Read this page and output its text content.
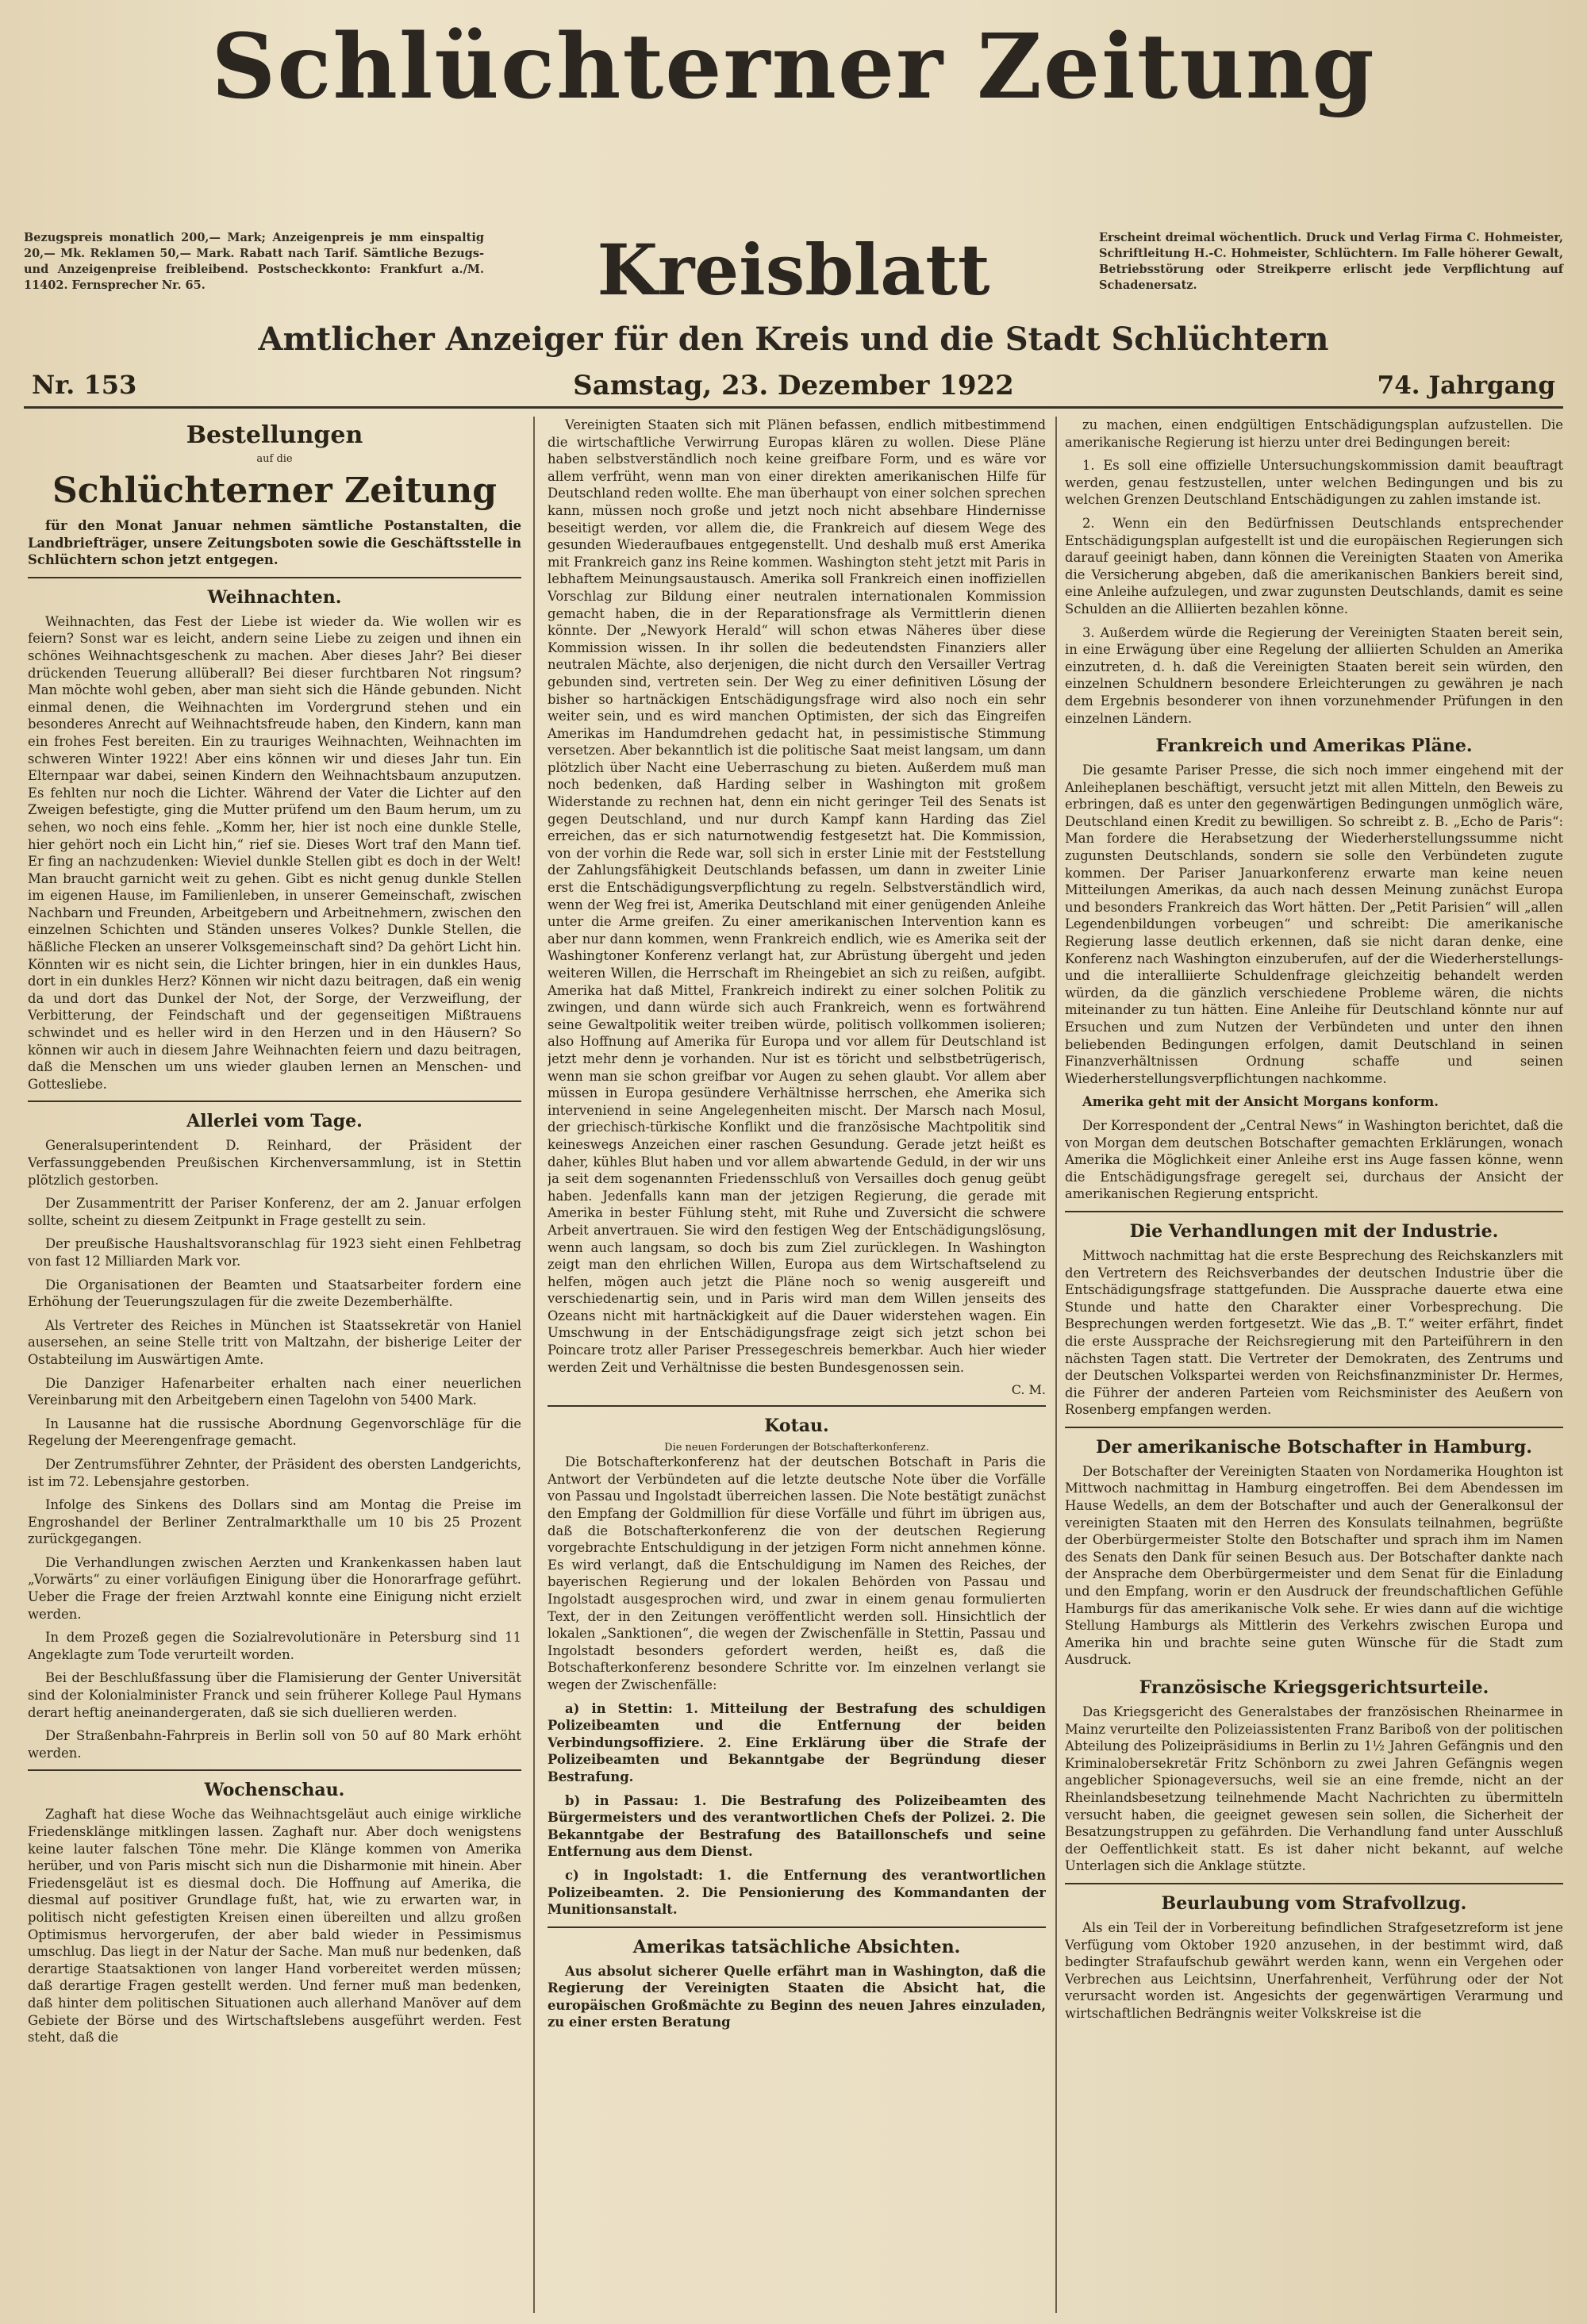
Schlüchterner Zeitung
Bezugspreis monatlich 200,— Mark; Anzeigenpreis je mm einspaltig 20,— Mk. Reklamen 50,— Mark. Rabatt nach Tarif. Sämtliche Bezugs- und Anzeigenpreise freibleibend. Postscheckkonto: Frankfurt a./M. 11402. Fernsprecher Nr. 65.	Kreisblatt	Erscheint dreimal wöchentlich. Druck und Verlag Firma C. Hohmeister, Schriftleitung H.-C. Hohmeister, Schlüchtern. Im Falle höherer Gewalt, Betriebsstörung oder Streikperre erlischt jede Verpflichtung auf Schadenersatz.
Amtlicher Anzeiger für den Kreis und die Stadt Schlüchtern
Nr. 153	Samstag, 23. Dezember 1922	74. Jahrgang
Bestellungen
auf die
Schlüchterner Zeitung

für den Monat Januar nehmen sämtliche Postanstalten, die Landbriefträger, unsere Zeitungsboten sowie die Geschäftsstelle in Schlüchtern schon jetzt entgegen.

Weihnachten.

Weihnachten, das Fest der Liebe ist wieder da. Wie wollen wir es feiern? Sonst war es leicht, andern seine Liebe zu zeigen und ihnen ein schönes Weihnachtsgeschenk zu machen. Aber dieses Jahr? Bei dieser drückenden Teuerung allüberall? Bei dieser furchtbaren Not ringsum? Man möchte wohl geben, aber man sieht sich die Hände gebunden. Nicht einmal denen, die Weihnachten im Vordergrund stehen und ein besonderes Anrecht auf Weihnachtsfreude haben, den Kindern, kann man ein frohes Fest bereiten. Ein zu trauriges Weihnachten, Weihnachten im schweren Winter 1922! Aber eins können wir und dieses Jahr tun. Ein Elternpaar war dabei, seinen Kindern den Weihnachtsbaum anzuputzen. Es fehlten nur noch die Lichter. Während der Vater die Lichter auf den Zweigen befestigte, ging die Mutter prüfend um den Baum herum, um zu sehen, wo noch eins fehle. „Komm her, hier ist noch eine dunkle Stelle, hier gehört noch ein Licht hin,“ rief sie. Dieses Wort traf den Mann tief. Er fing an nachzudenken: Wieviel dunkle Stellen gibt es doch in der Welt! Man braucht garnicht weit zu gehen. Gibt es nicht genug dunkle Stellen im eigenen Hause, im Familienleben, in unserer Gemeinschaft, zwischen Nachbarn und Freunden, Arbeitgebern und Arbeitnehmern, zwischen den einzelnen Schichten und Ständen unseres Volkes? Dunkle Stellen, die häßliche Flecken an unserer Volksgemeinschaft sind? Da gehört Licht hin. Könnten wir es nicht sein, die Lichter bringen, hier in ein dunkles Haus, dort in ein dunkles Herz? Können wir nicht dazu beitragen, daß ein wenig da und dort das Dunkel der Not, der Sorge, der Verzweiflung, der Verbitterung, der Feindschaft und der gegenseitigen Mißtrauens schwindet und es heller wird in den Herzen und in den Häusern? So können wir auch in diesem Jahre Weihnachten feiern und dazu beitragen, daß die Menschen um uns wieder glauben lernen an Menschen- und Gottesliebe.

Allerlei vom Tage.

Generalsuperintendent D. Reinhard, der Präsident der Verfassunggebenden Preußischen Kirchenversammlung, ist in Stettin plötzlich gestorben.

Der Zusammentritt der Pariser Konferenz, der am 2. Januar erfolgen sollte, scheint zu diesem Zeitpunkt in Frage gestellt zu sein.

Der preußische Haushaltsvoranschlag für 1923 sieht einen Fehlbetrag von fast 12 Milliarden Mark vor.

Die Organisationen der Beamten und Staatsarbeiter fordern eine Erhöhung der Teuerungszulagen für die zweite Dezemberhälfte.

Als Vertreter des Reiches in München ist Staatssekretär von Haniel ausersehen, an seine Stelle tritt von Maltzahn, der bisherige Leiter der Ostabteilung im Auswärtigen Amte.

Die Danziger Hafenarbeiter erhalten nach einer neuerlichen Vereinbarung mit den Arbeitgebern einen Tagelohn von 5400 Mark.

In Lausanne hat die russische Abordnung Gegenvorschläge für die Regelung der Meerengenfrage gemacht.

Der Zentrumsführer Zehnter, der Präsident des obersten Landgerichts, ist im 72. Lebensjahre gestorben.

Infolge des Sinkens des Dollars sind am Montag die Preise im Engroshandel der Berliner Zentralmarkthalle um 10 bis 25 Prozent zurückgegangen.

Die Verhandlungen zwischen Aerzten und Krankenkassen haben laut „Vorwärts“ zu einer vorläufigen Einigung über die Honorarfrage geführt. Ueber die Frage der freien Arztwahl konnte eine Einigung nicht erzielt werden.

In dem Prozeß gegen die Sozialrevolutionäre in Petersburg sind 11 Angeklagte zum Tode verurteilt worden.

Bei der Beschlußfassung über die Flamisierung der Genter Universität sind der Kolonialminister Franck und sein früherer Kollege Paul Hymans derart heftig aneinandergeraten, daß sie sich duellieren werden.

Der Straßenbahn-Fahrpreis in Berlin soll von 50 auf 80 Mark erhöht werden.

Wochenschau.

Zaghaft hat diese Woche das Weihnachtsgeläut auch einige wirkliche Friedensklänge mitklingen lassen. Zaghaft nur. Aber doch wenigstens keine lauter falschen Töne mehr. Die Klänge kommen von Amerika herüber, und von Paris mischt sich nun die Disharmonie mit hinein. Aber Friedensgeläut ist es diesmal doch. Die Hoffnung auf Amerika, die diesmal auf positiver Grundlage fußt, hat, wie zu erwarten war, in politisch nicht gefestigten Kreisen einen übereilten und allzu großen Optimismus hervorgerufen, der aber bald wieder in Pessimismus umschlug. Das liegt in der Natur der Sache. Man muß nur bedenken, daß derartige Staatsaktionen von langer Hand vorbereitet werden müssen; daß derartige Fragen gestellt werden. Und ferner muß man bedenken, daß hinter dem politischen Situationen auch allerhand Manöver auf dem Gebiete der Börse und des Wirtschaftslebens ausgeführt werden. Fest steht, daß die

Vereinigten Staaten sich mit Plänen befassen, endlich mitbestimmend die wirtschaftliche Verwirrung Europas klären zu wollen. Diese Pläne haben selbstverständlich noch keine greifbare Form, und es wäre vor allem verfrüht, wenn man von einer direkten amerikanischen Hilfe für Deutschland reden wollte. Ehe man überhaupt von einer solchen sprechen kann, müssen noch große und jetzt noch nicht absehbare Hindernisse beseitigt werden, vor allem die, die Frankreich auf diesem Wege des gesunden Wiederaufbaues entgegenstellt. Und deshalb muß erst Amerika mit Frankreich ganz ins Reine kommen. Washington steht jetzt mit Paris in lebhaftem Meinungsaustausch. Amerika soll Frankreich einen inoffiziellen Vorschlag zur Bildung einer neutralen internationalen Kommission gemacht haben, die in der Reparationsfrage als Vermittlerin dienen könnte. Der „Newyork Herald“ will schon etwas Näheres über diese Kommission wissen. In ihr sollen die bedeutendsten Finanziers aller neutralen Mächte, also derjenigen, die nicht durch den Versailler Vertrag gebunden sind, vertreten sein. Der Weg zu einer definitiven Lösung der bisher so hartnäckigen Entschädigungsfrage wird also noch ein sehr weiter sein, und es wird manchen Optimisten, der sich das Eingreifen Amerikas im Handumdrehen gedacht hat, in pessimistische Stimmung versetzen. Aber bekanntlich ist die politische Saat meist langsam, um dann plötzlich über Nacht eine Ueberraschung zu bieten. Außerdem muß man noch bedenken, daß Harding selber in Washington mit großem Widerstande zu rechnen hat, denn ein nicht geringer Teil des Senats ist gegen Deutschland, und nur durch Kampf kann Harding das Ziel erreichen, das er sich naturnotwendig festgesetzt hat. Die Kommission, von der vorhin die Rede war, soll sich in erster Linie mit der Feststellung der Zahlungsfähigkeit Deutschlands befassen, um dann in zweiter Linie erst die Entschädigungsverpflichtung zu regeln. Selbstverständlich wird, wenn der Weg frei ist, Amerika Deutschland mit einer genügenden Anleihe unter die Arme greifen. Zu einer amerikanischen Intervention kann es aber nur dann kommen, wenn Frankreich endlich, wie es Amerika seit der Washingtoner Konferenz verlangt hat, zur Abrüstung übergeht und jeden weiteren Willen, die Herrschaft im Rheingebiet an sich zu reißen, aufgibt. Amerika hat daß Mittel, Frankreich indirekt zu einer solchen Politik zu zwingen, und dann würde sich auch Frankreich, wenn es fortwährend seine Gewaltpolitik weiter treiben würde, politisch vollkommen isolieren; also Hoffnung auf Amerika für Europa und vor allem für Deutschland ist jetzt mehr denn je vorhanden. Nur ist es töricht und selbstbetrügerisch, wenn man sie schon greifbar vor Augen zu sehen glaubt. Vor allem aber müssen in Europa gesündere Verhältnisse herrschen, ehe Amerika sich interveniend in seine Angelegenheiten mischt. Der Marsch nach Mosul, der griechisch-türkische Konflikt und die französische Machtpolitik sind keineswegs Anzeichen einer raschen Gesundung. Gerade jetzt heißt es daher, kühles Blut haben und vor allem abwartende Geduld, in der wir uns ja seit dem sogenannten Friedensschluß von Versailles doch genug geübt haben. Jedenfalls kann man der jetzigen Regierung, die gerade mit Amerika in bester Fühlung steht, mit Ruhe und Zuversicht die schwere Arbeit anvertrauen. Sie wird den festigen Weg der Entschädigungslösung, wenn auch langsam, so doch bis zum Ziel zurücklegen. In Washington zeigt man den ehrlichen Willen, Europa aus dem Wirtschaftselend zu helfen, mögen auch jetzt die Pläne noch so wenig ausgereift und verschiedenartig sein, und in Paris wird man dem Willen jenseits des Ozeans nicht mit hartnäckigkeit auf die Dauer widerstehen wagen. Ein Umschwung in der Entschädigungsfrage zeigt sich jetzt schon bei Poincare trotz aller Pariser Pressegeschreis bemerkbar. Auch hier wieder werden Zeit und Verhältnisse die besten Bundesgenossen sein.

C. M.
Kotau.
Die neuen Forderungen der Botschafterkonferenz.

Die Botschafterkonferenz hat der deutschen Botschaft in Paris die Antwort der Verbündeten auf die letzte deutsche Note über die Vorfälle von Passau und Ingolstadt überreichen lassen. Die Note bestätigt zunächst den Empfang der Goldmillion für diese Vorfälle und führt im übrigen aus, daß die Botschafterkonferenz die von der deutschen Regierung vorgebrachte Entschuldigung in der jetzigen Form nicht annehmen könne. Es wird verlangt, daß die Entschuldigung im Namen des Reiches, der bayerischen Regierung und der lokalen Behörden von Passau und Ingolstadt ausgesprochen wird, und zwar in einem genau formulierten Text, der in den Zeitungen veröffentlicht werden soll. Hinsichtlich der lokalen „Sanktionen“, die wegen der Zwischenfälle in Stettin, Passau und Ingolstadt besonders gefordert werden, heißt es, daß die Botschafterkonferenz besondere Schritte vor. Im einzelnen verlangt sie wegen der Zwischenfälle:

a) in Stettin: 1. Mitteilung der Bestrafung des schuldigen Polizeibeamten und die Entfernung der beiden Verbindungsoffiziere. 2. Eine Erklärung über die Strafe der Polizeibeamten und Bekanntgabe der Begründung dieser Bestrafung.

b) in Passau: 1. Die Bestrafung des Polizeibeamten des Bürgermeisters und des verantwortlichen Chefs der Polizei. 2. Die Bekanntgabe der Bestrafung des Bataillonschefs und seine Entfernung aus dem Dienst.

c) in Ingolstadt: 1. die Entfernung des verantwortlichen Polizeibeamten. 2. Die Pensionierung des Kommandanten der Munitionsanstalt.

Amerikas tatsächliche Absichten.

Aus absolut sicherer Quelle erfährt man in Washington, daß die Regierung der Vereinigten Staaten die Absicht hat, die europäischen Großmächte zu Beginn des neuen Jahres einzuladen, zu einer ersten Beratung

zu machen, einen endgültigen Entschädigungsplan aufzustellen. Die amerikanische Regierung ist hierzu unter drei Bedingungen bereit:

1. Es soll eine offizielle Untersuchungskommission damit beauftragt werden, genau festzustellen, unter welchen Bedingungen und bis zu welchen Grenzen Deutschland Entschädigungen zu zahlen imstande ist.

2. Wenn ein den Bedürfnissen Deutschlands entsprechender Entschädigungsplan aufgestellt ist und die europäischen Regierungen sich darauf geeinigt haben, dann können die Vereinigten Staaten von Amerika die Versicherung abgeben, daß die amerikanischen Bankiers bereit sind, eine Anleihe aufzulegen, und zwar zugunsten Deutschlands, damit es seine Schulden an die Alliierten bezahlen könne.

3. Außerdem würde die Regierung der Vereinigten Staaten bereit sein, in eine Erwägung über eine Regelung der alliierten Schulden an Amerika einzutreten, d. h. daß die Vereinigten Staaten bereit sein würden, den einzelnen Schuldnern besondere Erleichterungen zu gewähren je nach dem Ergebnis besonderer von ihnen vorzunehmender Prüfungen in den einzelnen Ländern.

Frankreich und Amerikas Pläne.

Die gesamte Pariser Presse, die sich noch immer eingehend mit der Anleiheplanen beschäftigt, versucht jetzt mit allen Mitteln, den Beweis zu erbringen, daß es unter den gegenwärtigen Bedingungen unmöglich wäre, Deutschland einen Kredit zu bewilligen. So schreibt z. B. „Echo de Paris“: Man fordere die Herabsetzung der Wiederherstellungssumme nicht zugunsten Deutschlands, sondern sie solle den Verbündeten zugute kommen. Der Pariser Januarkonferenz erwarte man keine neuen Mitteilungen Amerikas, da auch nach dessen Meinung zunächst Europa und besonders Frankreich das Wort hätten. Der „Petit Parisien“ will „allen Legendenbildungen vorbeugen“ und schreibt: Die amerikanische Regierung lasse deutlich erkennen, daß sie nicht daran denke, eine Konferenz nach Washington einzuberufen, auf der die Wiederherstellungs- und die interalliierte Schuldenfrage gleichzeitig behandelt werden würden, da die gänzlich verschiedene Probleme wären, die nichts miteinander zu tun hätten. Eine Anleihe für Deutschland könnte nur auf Ersuchen und zum Nutzen der Verbündeten und unter den ihnen beliebenden Bedingungen erfolgen, damit Deutschland in seinen Finanzverhältnissen Ordnung schaffe und seinen Wiederherstellungsverpflichtungen nachkomme.

Amerika geht mit der Ansicht Morgans konform.

Der Korrespondent der „Central News“ in Washington berichtet, daß die von Morgan dem deutschen Botschafter gemachten Erklärungen, wonach Amerika die Möglichkeit einer Anleihe erst ins Auge fassen könne, wenn die Entschädigungsfrage geregelt sei, durchaus der Ansicht der amerikanischen Regierung entspricht.

Die Verhandlungen mit der Industrie.

Mittwoch nachmittag hat die erste Besprechung des Reichskanzlers mit den Vertretern des Reichsverbandes der deutschen Industrie über die Entschädigungsfrage stattgefunden. Die Aussprache dauerte etwa eine Stunde und hatte den Charakter einer Vorbesprechung. Die Besprechungen werden fortgesetzt. Wie das „B. T.“ weiter erfährt, findet die erste Aussprache der Reichsregierung mit den Parteiführern in den nächsten Tagen statt. Die Vertreter der Demokraten, des Zentrums und der Deutschen Volkspartei werden von Reichsfinanzminister Dr. Hermes, die Führer der anderen Parteien vom Reichsminister des Aeußern von Rosenberg empfangen werden.

Der amerikanische Botschafter in Hamburg.

Der Botschafter der Vereinigten Staaten von Nordamerika Houghton ist Mittwoch nachmittag in Hamburg eingetroffen. Bei dem Abendessen im Hause Wedells, an dem der Botschafter und auch der Generalkonsul der vereinigten Staaten mit den Herren des Konsulats teilnahmen, begrüßte der Oberbürgermeister Stolte den Botschafter und sprach ihm im Namen des Senats den Dank für seinen Besuch aus. Der Botschafter dankte nach der Ansprache dem Oberbürgermeister und dem Senat für die Einladung und den Empfang, worin er den Ausdruck der freundschaftlichen Gefühle Hamburgs für das amerikanische Volk sehe. Er wies dann auf die wichtige Stellung Hamburgs als Mittlerin des Verkehrs zwischen Europa und Amerika hin und brachte seine guten Wünsche für die Stadt zum Ausdruck.

Französische Kriegsgerichtsurteile.

Das Kriegsgericht des Generalstabes der französischen Rheinarmee in Mainz verurteilte den Polizeiassistenten Franz Bariboß von der politischen Abteilung des Polizeipräsidiums in Berlin zu 1½ Jahren Gefängnis und den Kriminalobersekretär Fritz Schönborn zu zwei Jahren Gefängnis wegen angeblicher Spionageversuchs, weil sie an eine fremde, nicht an der Rheinlandsbesetzung teilnehmende Macht Nachrichten zu übermitteln versucht haben, die geeignet gewesen sein sollen, die Sicherheit der Besatzungstruppen zu gefährden. Die Verhandlung fand unter Ausschluß der Oeffentlichkeit statt. Es ist daher nicht bekannt, auf welche Unterlagen sich die Anklage stützte.

Beurlaubung vom Strafvollzug.

Als ein Teil der in Vorbereitung befindlichen Strafgesetzreform ist jene Verfügung vom Oktober 1920 anzusehen, in der bestimmt wird, daß bedingter Strafaufschub gewährt werden kann, wenn ein Vergehen oder Verbrechen aus Leichtsinn, Unerfahrenheit, Verführung oder der Not verursacht worden ist. Angesichts der gegenwärtigen Verarmung und wirtschaftlichen Bedrängnis weiter Volkskreise ist die
